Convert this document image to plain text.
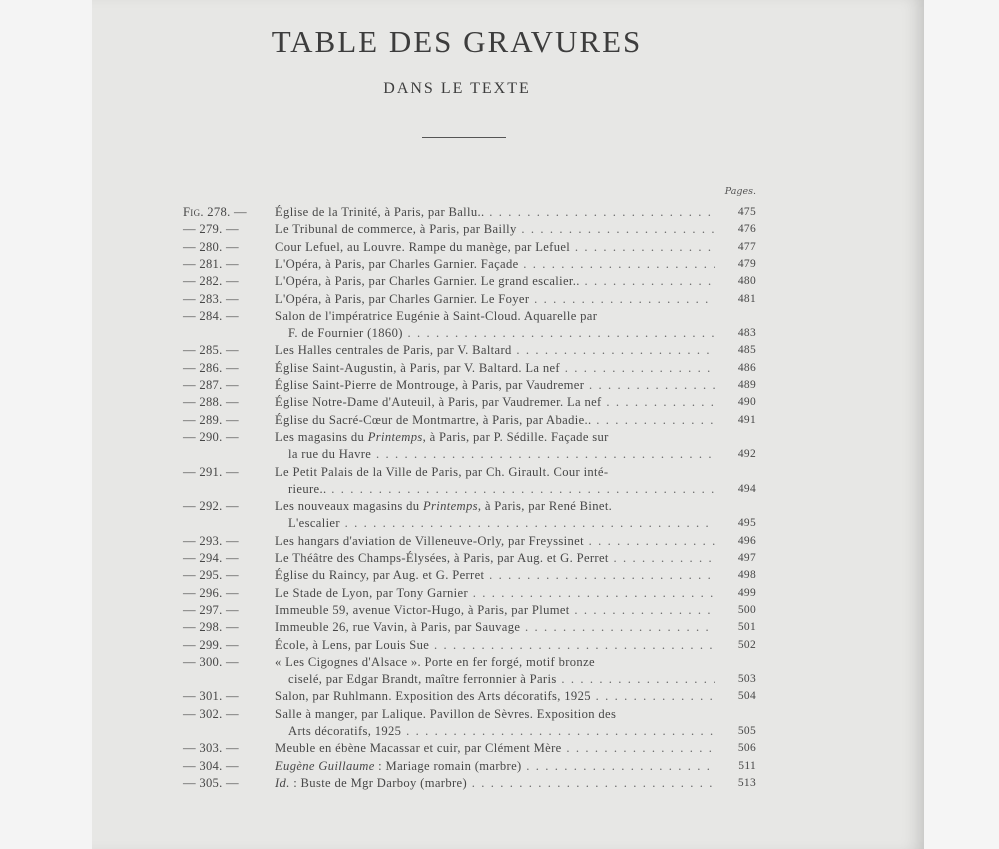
TABLE DES GRAVURES
DANS LE TEXTE
Pages.
Fig. 278. —	Église de la Trinité, à Paris, par Ballu.. . . .	475
— 279. —	Le Tribunal de commerce, à Paris, par Bailly . . .	476
— 280. —	Cour Lefuel, au Louvre. Rampe du manège, par Lefuel . . .	477
— 281. —	L'Opéra, à Paris, par Charles Garnier. Façade . . .	479
— 282. —	L'Opéra, à Paris, par Charles Garnier. Le grand escalier.. . . .	480
— 283. —	L'Opéra, à Paris, par Charles Garnier. Le Foyer . . .	481
— 284. —	Salon de l'impératrice Eugénie à Saint-Cloud. Aquarelle par
F. de Fournier (1860) . . .	483
— 285. —	Les Halles centrales de Paris, par V. Baltard . . .	485
— 286. —	Église Saint-Augustin, à Paris, par V. Baltard. La nef . . .	486
— 287. —	Église Saint-Pierre de Montrouge, à Paris, par Vaudremer . . .	489
— 288. —	Église Notre-Dame d'Auteuil, à Paris, par Vaudremer. La nef . . .	490
— 289. —	Église du Sacré-Cœur de Montmartre, à Paris, par Abadie.. . . .	491
— 290. —	Les magasins du Printemps, à Paris, par P. Sédille. Façade sur
la rue du Havre . . .	492
— 291. —	Le Petit Palais de la Ville de Paris, par Ch. Girault. Cour inté-
rieure.. . . .	494
— 292. —	Les nouveaux magasins du Printemps, à Paris, par René Binet.
L'escalier . . .	495
— 293. —	Les hangars d'aviation de Villeneuve-Orly, par Freyssinet . . .	496
— 294. —	Le Théâtre des Champs-Élysées, à Paris, par Aug. et G. Perret . . .	497
— 295. —	Église du Raincy, par Aug. et G. Perret . . .	498
— 296. —	Le Stade de Lyon, par Tony Garnier . . .	499
— 297. —	Immeuble 59, avenue Victor-Hugo, à Paris, par Plumet . . .	500
— 298. —	Immeuble 26, rue Vavin, à Paris, par Sauvage . . .	501
— 299. —	École, à Lens, par Louis Sue . . .	502
— 300. —	« Les Cigognes d'Alsace ». Porte en fer forgé, motif bronze
ciselé, par Edgar Brandt, maître ferronnier à Paris . . .	503
— 301. —	Salon, par Ruhlmann. Exposition des Arts décoratifs, 1925 . . .	504
— 302. —	Salle à manger, par Lalique. Pavillon de Sèvres. Exposition des
Arts décoratifs, 1925 . . .	505
— 303. —	Meuble en ébène Macassar et cuir, par Clément Mère . . .	506
— 304. —	Eugène Guillaume : Mariage romain (marbre) . . .	511
— 305. —	Id. : Buste de Mgr Darboy (marbre) . . .	513
